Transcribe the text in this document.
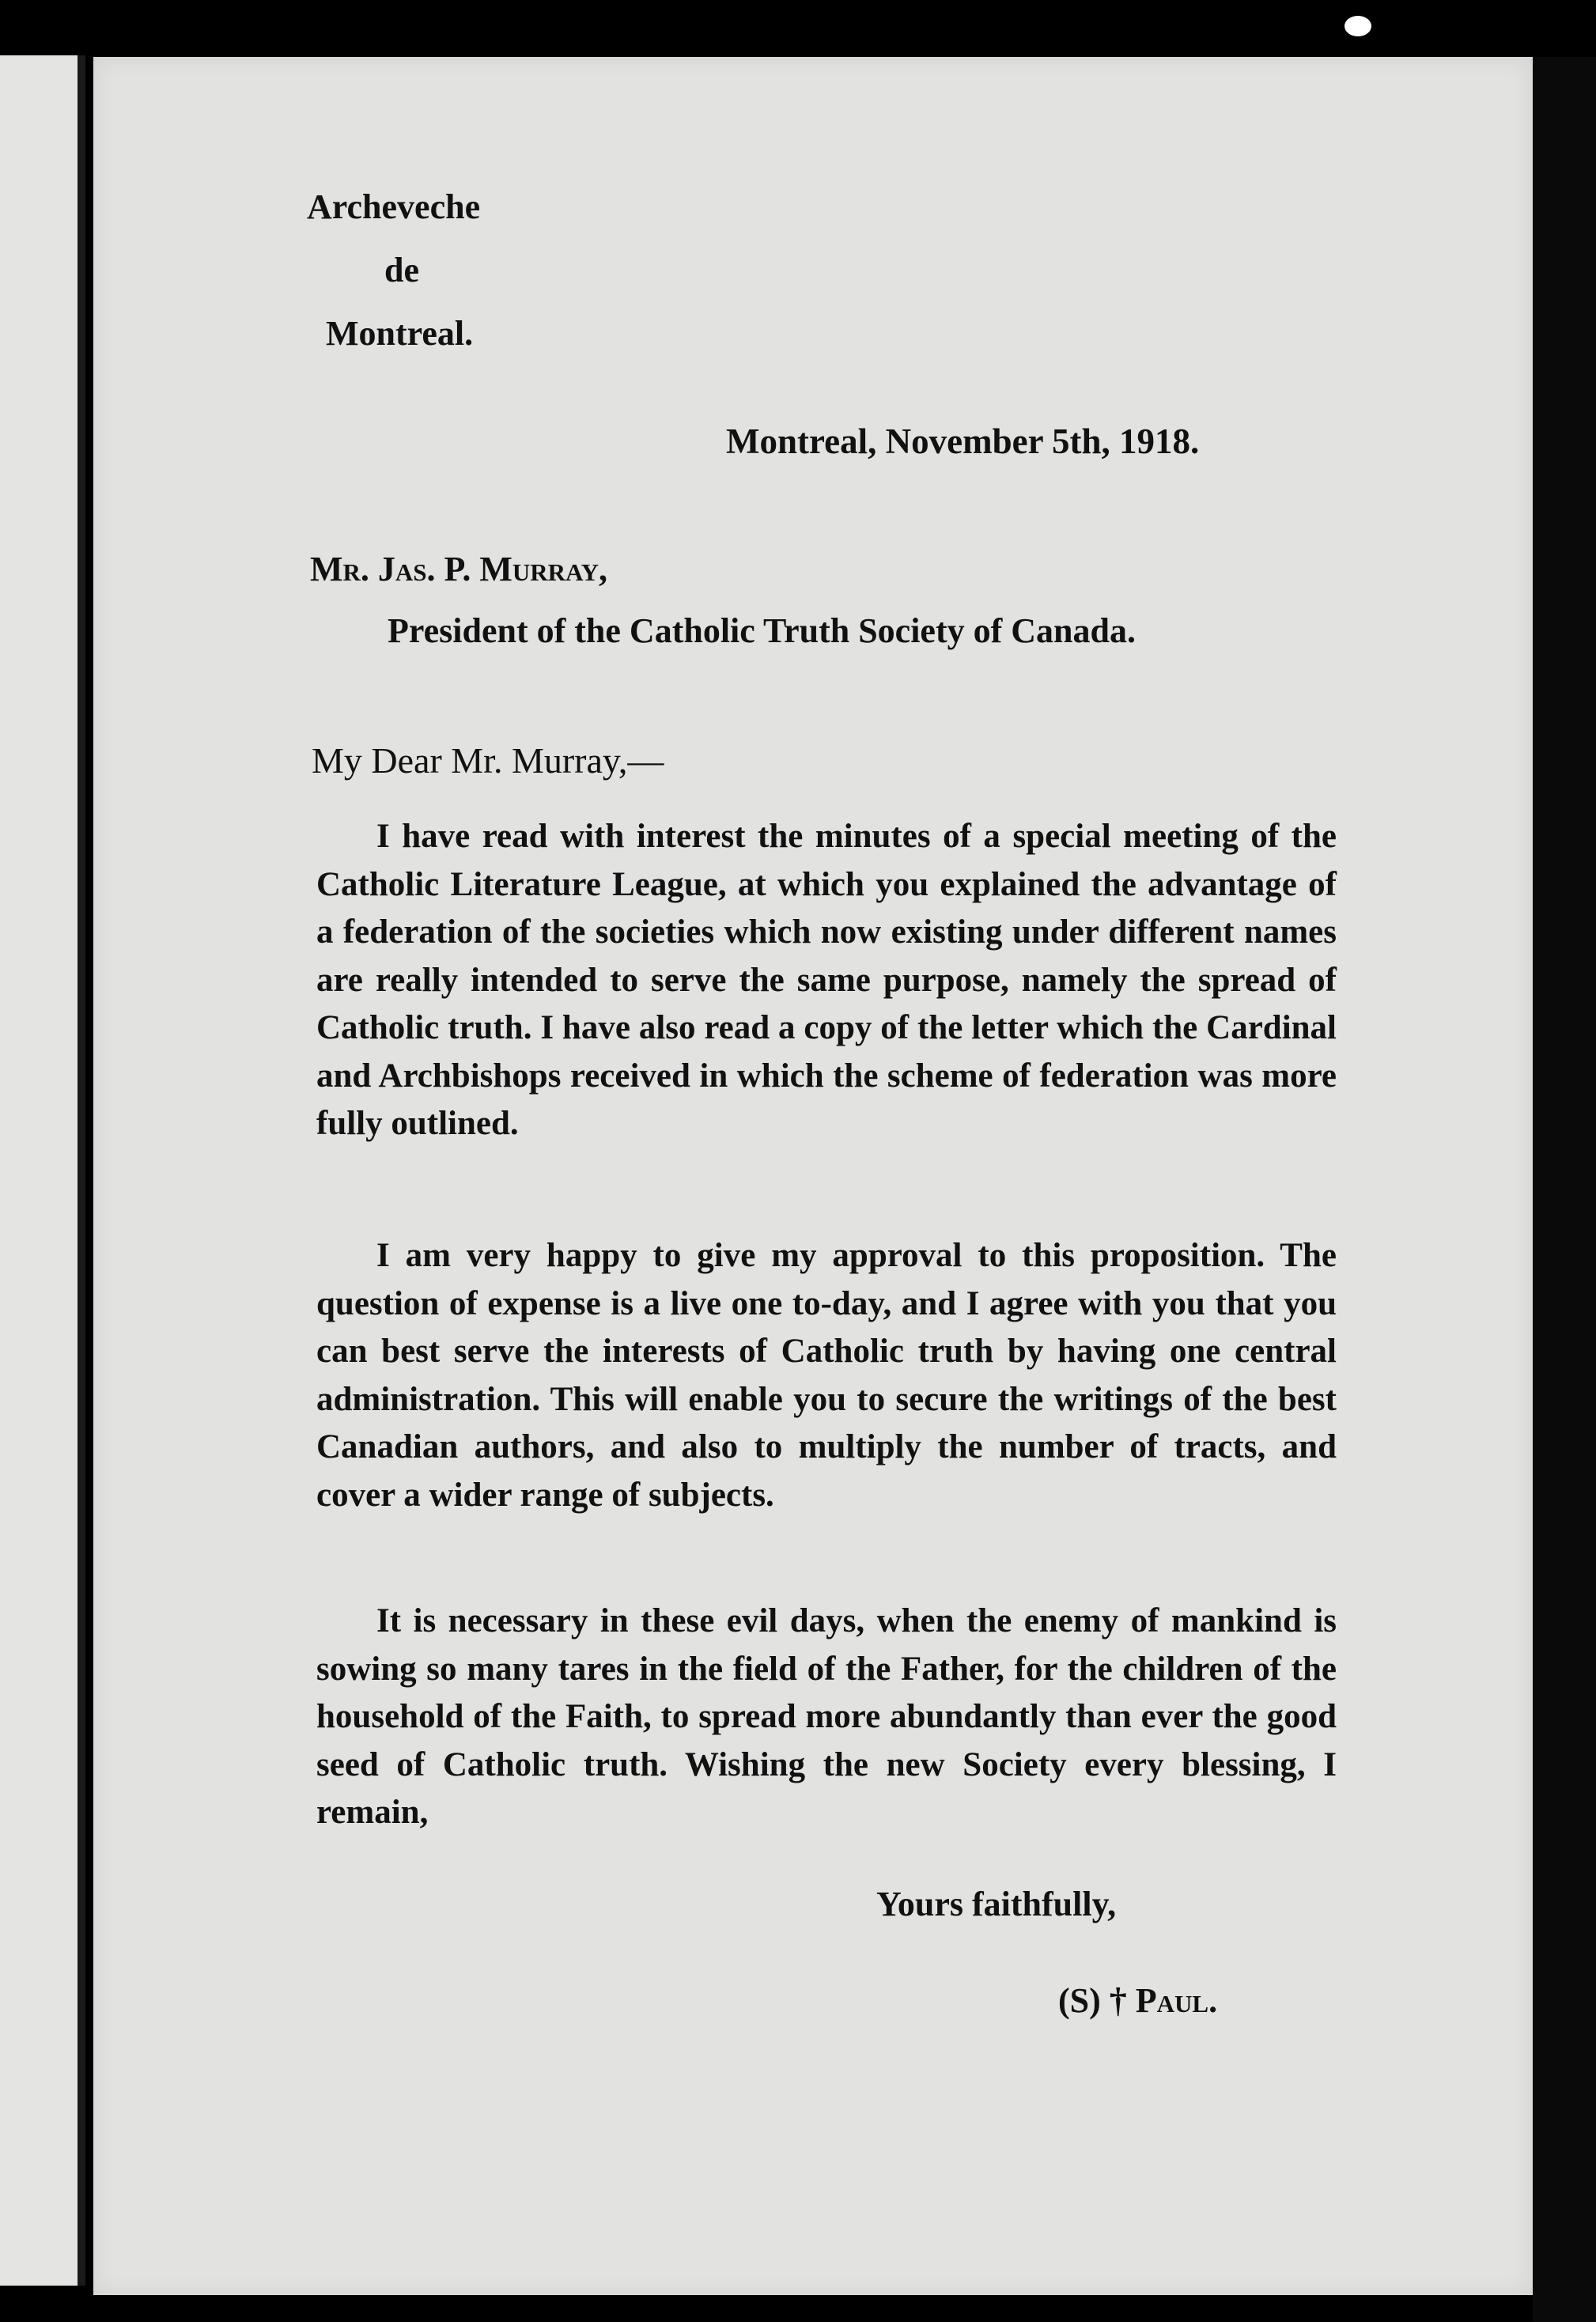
Archeveche
de
Montreal.
Montreal, November 5th, 1918.
Mr. Jas. P. Murray,
President of the Catholic Truth Society of Canada.
My Dear Mr. Murray,—

I have read with interest the minutes of a special meeting of the Catholic Literature League, at which you explained the advantage of a federation of the societies which now existing under different names are really intended to serve the same purpose, namely the spread of Catholic truth. I have also read a copy of the letter which the Cardinal and Archbishops received in which the scheme of federation was more fully outlined.

I am very happy to give my approval to this proposition. The question of expense is a live one to-day, and I agree with you that you can best serve the interests of Catholic truth by having one central administration. This will enable you to secure the writings of the best Canadian authors, and also to multiply the number of tracts, and cover a wider range of subjects.

It is necessary in these evil days, when the enemy of mankind is sowing so many tares in the field of the Father, for the children of the household of the Faith, to spread more abundantly than ever the good seed of Catholic truth. Wishing the new Society every blessing, I remain,

Yours faithfully,
(S) † Paul.
